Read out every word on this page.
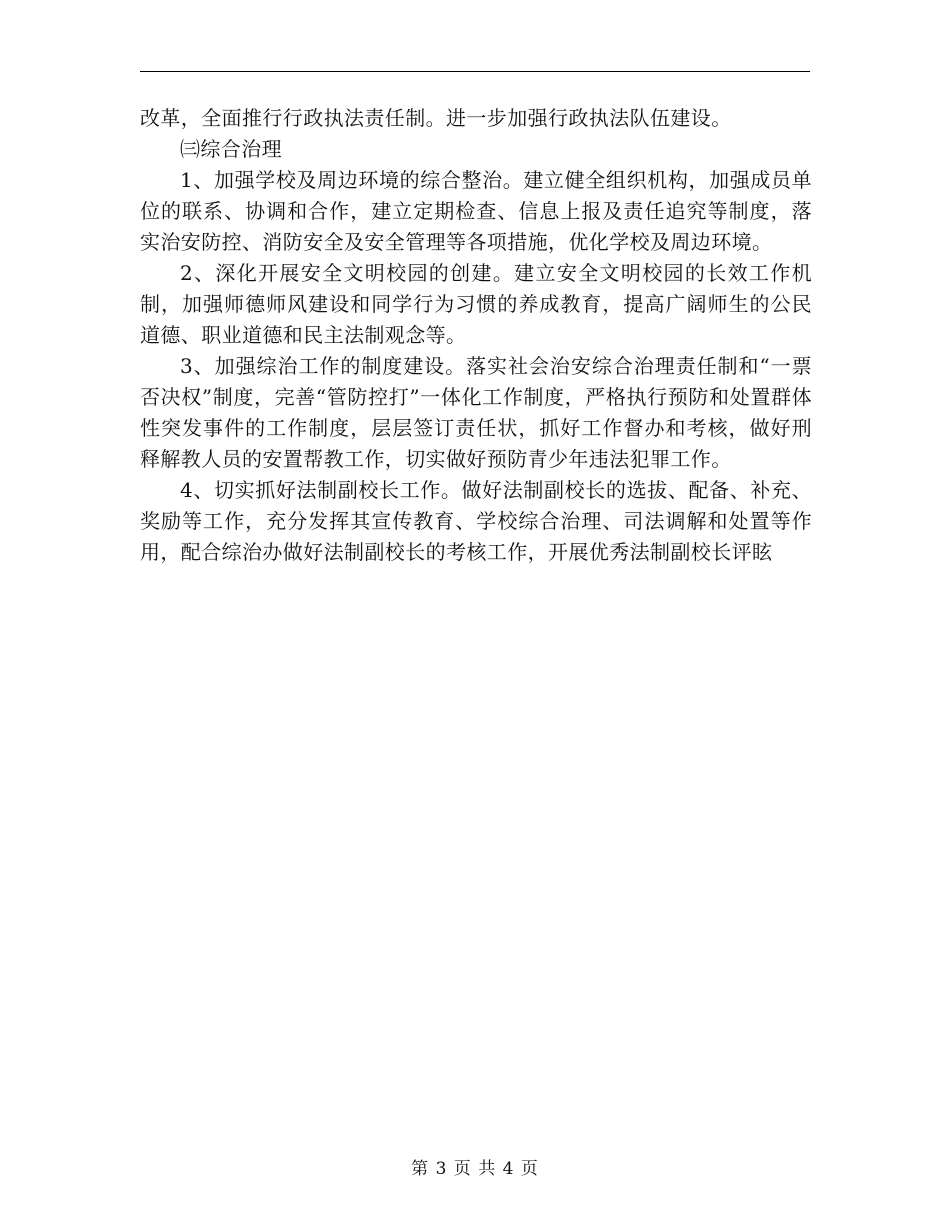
改革，全面推行行政执法责任制。进一步加强行政执法队伍建设。

㈢综合治理

1、加强学校及周边环境的综合整治。建立健全组织机构，加强成员单位的联系、协调和合作，建立定期检查、信息上报及责任追究等制度，落实治安防控、消防安全及安全管理等各项措施，优化学校及周边环境。

2、深化开展安全文明校园的创建。建立安全文明校园的长效工作机制，加强师德师风建设和同学行为习惯的养成教育，提高广阔师生的公民道德、职业道德和民主法制观念等。

3、加强综治工作的制度建设。落实社会治安综合治理责任制和“一票否决权”制度，完善“管防控打”一体化工作制度，严格执行预防和处置群体性突发事件的工作制度，层层签订责任状，抓好工作督办和考核，做好刑释解教人员的安置帮教工作，切实做好预防青少年违法犯罪工作。

4、切实抓好法制副校长工作。做好法制副校长的选拔、配备、补充、奖励等工作，充分发挥其宣传教育、学校综合治理、司法调解和处置等作用，配合综治办做好法制副校长的考核工作，开展优秀法制副校长评眩

第 3 页 共 4 页
